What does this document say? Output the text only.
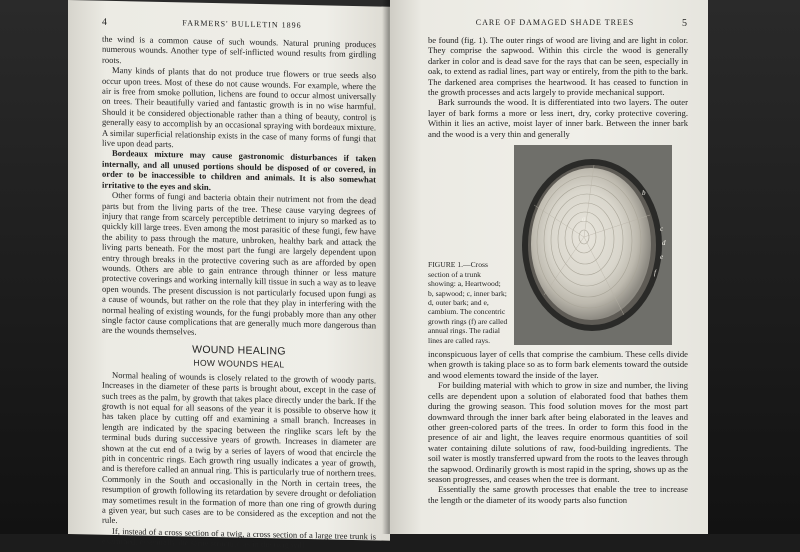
4	FARMERS' BULLETIN 1896

the wind is a common cause of such wounds. Natural pruning produces numerous wounds. Another type of self-inflicted wound results from girdling roots.

Many kinds of plants that do not produce true flowers or true seeds also occur upon trees. Most of these do not cause wounds. For example, where the air is free from smoke pollution, lichens are found to occur almost universally on trees. Their beautifully varied and fantastic growth is in no wise harmful. Should it be considered objectionable rather than a thing of beauty, control is generally easy to accomplish by an occasional spraying with bordeaux mixture. A similar superficial relationship exists in the case of many forms of fungi that live upon dead parts.

Bordeaux mixture may cause gastronomic disturbances if taken internally, and all unused portions should be disposed of or covered, in order to be inaccessible to children and animals. It is also somewhat irritative to the eyes and skin.

Other forms of fungi and bacteria obtain their nutriment not from the dead parts but from the living parts of the tree. These cause varying degrees of injury that range from scarcely perceptible detriment to injury so marked as to quickly kill large trees. Even among the most parasitic of these fungi, few have the ability to pass through the mature, unbroken, healthy bark and attack the living parts beneath. For the most part the fungi are largely dependent upon entry through breaks in the protective covering such as are afforded by open wounds. Others are able to gain entrance through thinner or less mature protective coverings and working internally kill tissue in such a way as to leave open wounds. The present discussion is not particularly focused upon fungi as a cause of wounds, but rather on the role that they play in interfering with the normal healing of existing wounds, for the fungi probably more than any other single factor cause complications that are generally much more dangerous than are the wounds themselves.

WOUND HEALING
HOW WOUNDS HEAL

Normal healing of wounds is closely related to the growth of woody parts. Increases in the diameter of these parts is brought about, except in the case of such trees as the palm, by growth that takes place directly under the bark. If the growth is not equal for all seasons of the year it is possible to observe how it has taken place by cutting off and examining a small branch. Increases in length are indicated by the spacing between the ringlike scars left by the terminal buds during successive years of growth. Increases in diameter are shown at the cut end of a twig by a series of layers of wood that encircle the pith in concentric rings. Each growth ring usually indicates a year of growth, and is therefore called an annual ring. This is particularly true of northern trees. Commonly in the South and occasionally in the North in certain trees, the resumption of growth following its retardation by severe drought or defoliation may sometimes result in the formation of more than one ring of growth during a given year, but such cases are to be considered as the exception and not the rule.

If, instead of a cross section of a twig, a cross section of a large tree trunk is examined, essentially the same structure as in the twig will

CARE OF DAMAGED SHADE TREES	5

be found (fig. 1). The outer rings of wood are living and are light in color. They comprise the sapwood. Within this circle the wood is generally darker in color and is dead save for the rays that can be seen, especially in oak, to extend as radial lines, part way or entirely, from the pith to the bark. The darkened area comprises the heartwood. It has ceased to function in the growth processes and acts largely to provide mechanical support.

Bark surrounds the wood. It is differentiated into two layers. The outer layer of bark forms a more or less inert, dry, corky protective covering. Within it lies an active, moist layer of inner bark. Between the inner bark and the wood is a very thin and generally

FIGURE 1.—Cross section of a trunk showing: a, Heartwood; b, sapwood; c, inner bark; d, outer bark; and e, cambium. The concentric growth rings (f) are called annual rings. The radial lines are called rays.
a
b
c
d
e
f

inconspicuous layer of cells that comprise the cambium. These cells divide when growth is taking place so as to form bark elements toward the outside and wood elements toward the inside of the layer.

For building material with which to grow in size and number, the living cells are dependent upon a solution of elaborated food that bathes them during the growing season. This food solution moves for the most part downward through the inner bark after being elaborated in the leaves and other green-colored parts of the trees. In order to form this food in the presence of air and light, the leaves require enormous quantities of soil water containing dilute solutions of raw, food-building ingredients. The soil water is mostly transferred upward from the roots to the leaves through the sapwood. Ordinarily growth is most rapid in the spring, shows up as the season progresses, and ceases when the tree is dormant.

Essentially the same growth processes that enable the tree to increase the length or the diameter of its woody parts also function
